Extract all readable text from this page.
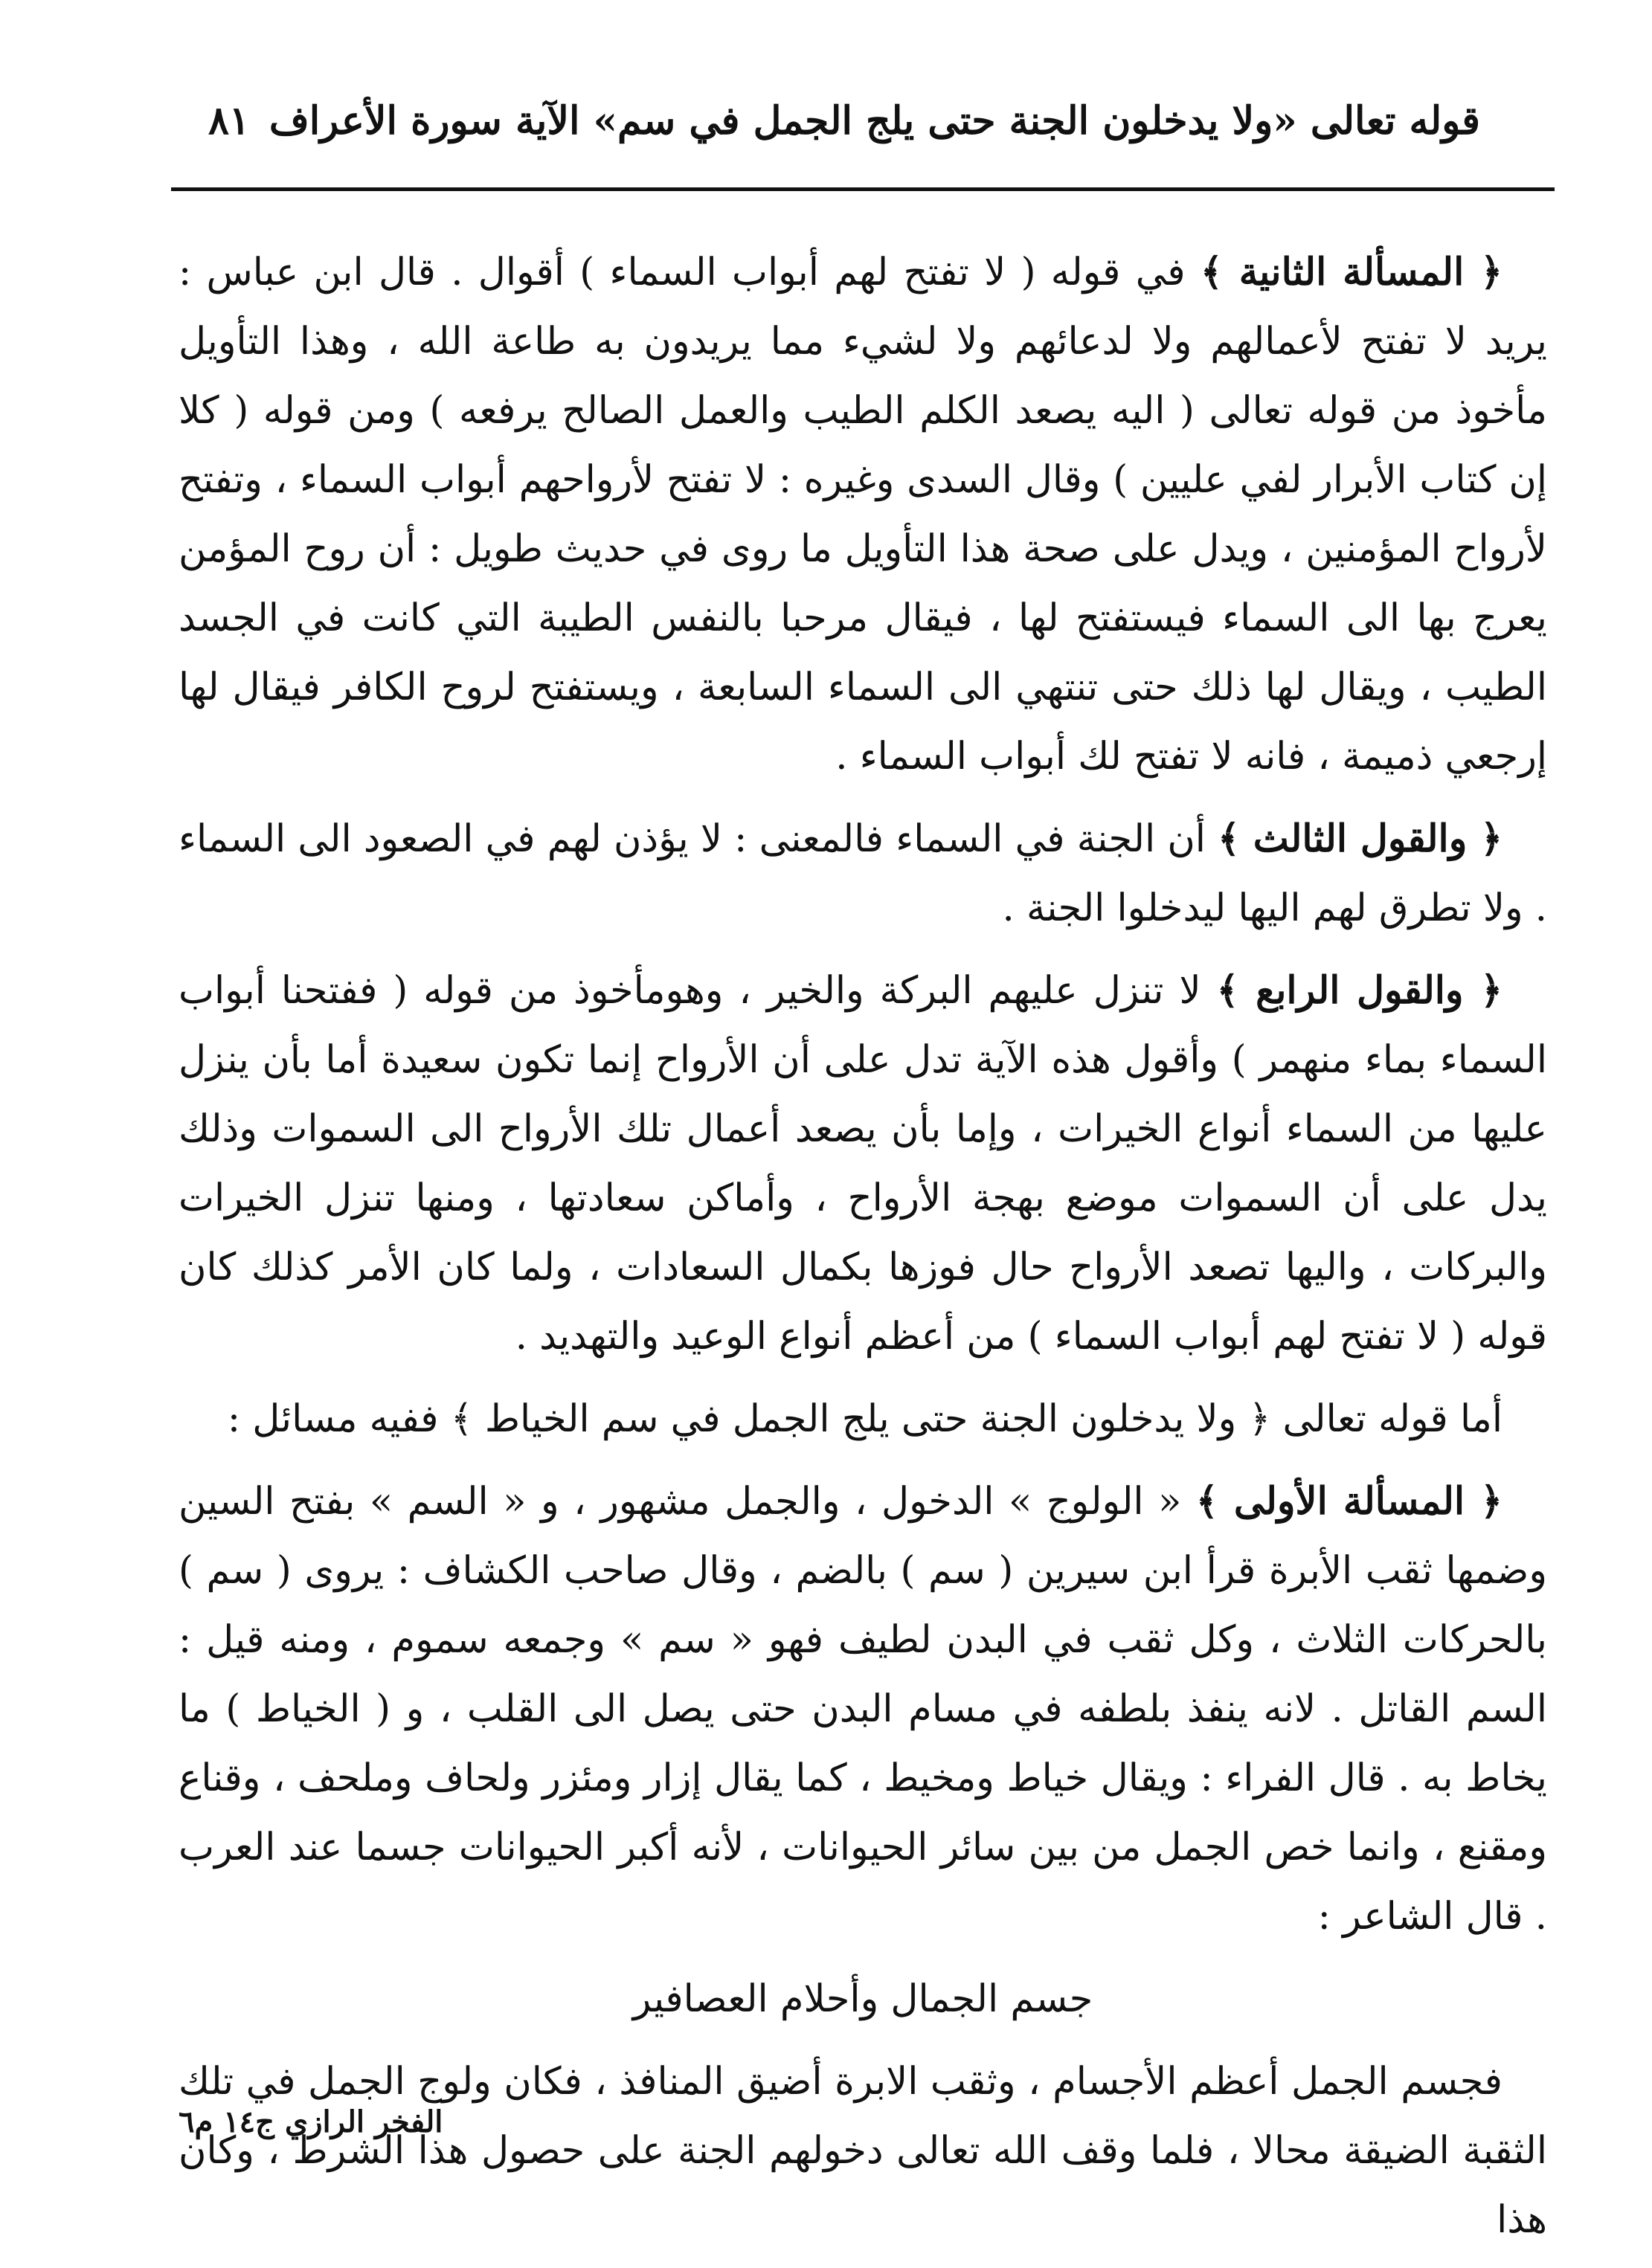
قوله تعالى «ولا يدخلون الجنة حتى يلج الجمل في سم» الآية سورة الأعراف
٨١

﴿ المسألة الثانية ﴾ في قوله ( لا تفتح لهم أبواب السماء ) أقوال . قال ابن عباس : يريد لا تفتح لأعمالهم ولا لدعائهم ولا لشيء مما يريدون به طاعة الله ، وهذا التأويل مأخوذ من قوله تعالى ( اليه يصعد الكلم الطيب والعمل الصالح يرفعه ) ومن قوله ( كلا إن كتاب الأبرار لفي عليين ) وقال السدى وغيره : لا تفتح لأرواحهم أبواب السماء ، وتفتح لأرواح المؤمنين ، ويدل على صحة هذا التأويل ما روى في حديث طويل : أن روح المؤمن يعرج بها الى السماء فيستفتح لها ، فيقال مرحبا بالنفس الطيبة التي كانت في الجسد الطيب ، ويقال لها ذلك حتى تنتهي الى السماء السابعة ، ويستفتح لروح الكافر فيقال لها إرجعي ذميمة ، فانه لا تفتح لك أبواب السماء .

﴿ والقول الثالث ﴾ أن الجنة في السماء فالمعنى : لا يؤذن لهم في الصعود الى السماء . ولا تطرق لهم اليها ليدخلوا الجنة .

﴿ والقول الرابع ﴾ لا تنزل عليهم البركة والخير ، وهومأخوذ من قوله ( ففتحنا أبواب السماء بماء منهمر ) وأقول هذه الآية تدل على أن الأرواح إنما تكون سعيدة أما بأن ينزل عليها من السماء أنواع الخيرات ، وإما بأن يصعد أعمال تلك الأرواح الى السموات وذلك يدل على أن السموات موضع بهجة الأرواح ، وأماكن سعادتها ، ومنها تنزل الخيرات والبركات ، واليها تصعد الأرواح حال فوزها بكمال السعادات ، ولما كان الأمر كذلك كان قوله ( لا تفتح لهم أبواب السماء ) من أعظم أنواع الوعيد والتهديد .

أما قوله تعالى ﴿ ولا يدخلون الجنة حتى يلج الجمل في سم الخياط ﴾ ففيه مسائل :

﴿ المسألة الأولى ﴾ « الولوج » الدخول ، والجمل مشهور ، و « السم » بفتح السين وضمها ثقب الأبرة قرأ ابن سيرين ( سم ) بالضم ، وقال صاحب الكشاف : يروى ( سم ) بالحركات الثلاث ، وكل ثقب في البدن لطيف فهو « سم » وجمعه سموم ، ومنه قيل : السم القاتل . لانه ينفذ بلطفه في مسام البدن حتى يصل الى القلب ، و ( الخياط ) ما يخاط به . قال الفراء : ويقال خياط ومخيط ، كما يقال إزار ومئزر ولحاف وملحف ، وقناع ومقنع ، وانما خص الجمل من بين سائر الحيوانات ، لأنه أكبر الحيوانات جسما عند العرب . قال الشاعر :

جسم الجمال وأحلام العصافير

فجسم الجمل أعظم الأجسام ، وثقب الابرة أضيق المنافذ ، فكان ولوج الجمل في تلك الثقبة الضيقة محالا ، فلما وقف الله تعالى دخولهم الجنة على حصول هذا الشرط ، وكان هذا

الفخر الرازي ج١٤ م٦
